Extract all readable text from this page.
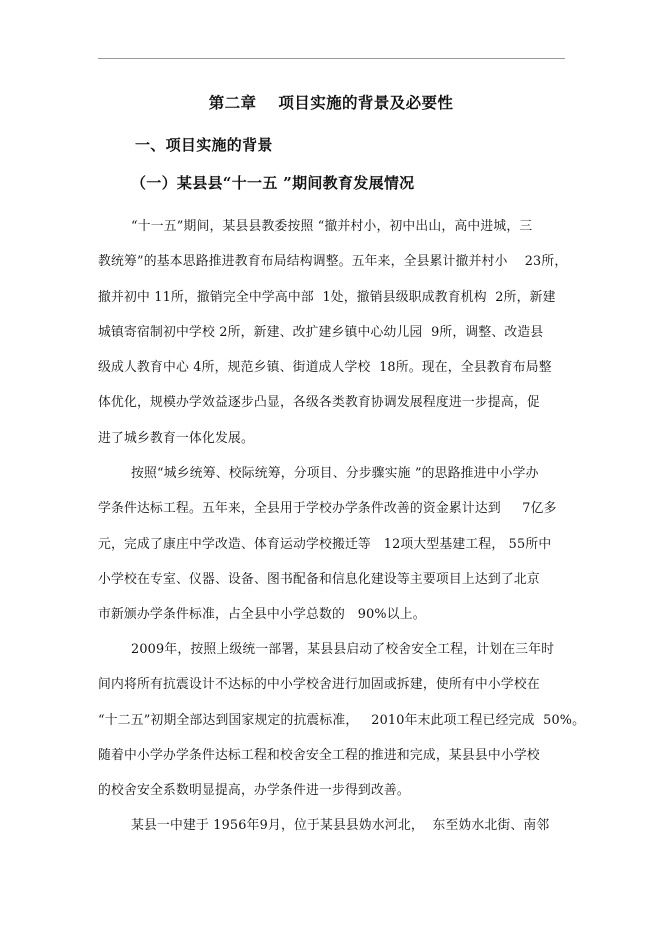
第二章 项目实施的背景及必要性
一、项目实施的背景
（一）某县县“十一五 ”期间教育发展情况
“十一五”期间，某县县教委按照 “撤并村小，初中出山，高中进城，三
教统筹”的基本思路推进教育布局结构调整。五年来，全县累计撤并村小    23所，
撤并初中 11所，撤销完全中学高中部  1处，撤销县级职成教育机构  2所，新建
城镇寄宿制初中学校 2所，新建、改扩建乡镇中心幼儿园  9所，调整、改造县
级成人教育中心 4所，规范乡镇、街道成人学校  18所。现在，全县教育布局整
体优化，规模办学效益逐步凸显，各级各类教育协调发展程度进一步提高，促
进了城乡教育一体化发展。
按照“城乡统筹、校际统筹，分项目、分步骤实施 ”的思路推进中小学办
学条件达标工程。五年来，全县用于学校办学条件改善的资金累计达到     7亿多
元，完成了康庄中学改造、体育运动学校搬迁等   12项大型基建工程， 55所中
小学校在专室、仪器、设备、图书配备和信息化建设等主要项目上达到了北京
市新颁办学条件标准，占全县中小学总数的   90%以上。
2009年，按照上级统一部署，某县县启动了校舍安全工程，计划在三年时
间内将所有抗震设计不达标的中小学校舍进行加固或拆建，使所有中小学校在
“十二五”初期全部达到国家规定的抗震标准，   2010年末此项工程已经完成  50%。
随着中小学办学条件达标工程和校舍安全工程的推进和完成，某县县中小学校
的校舍安全系数明显提高，办学条件进一步得到改善。
某县一中建于 1956年9月，位于某县县妫水河北，  东至妫水北街、南邻
